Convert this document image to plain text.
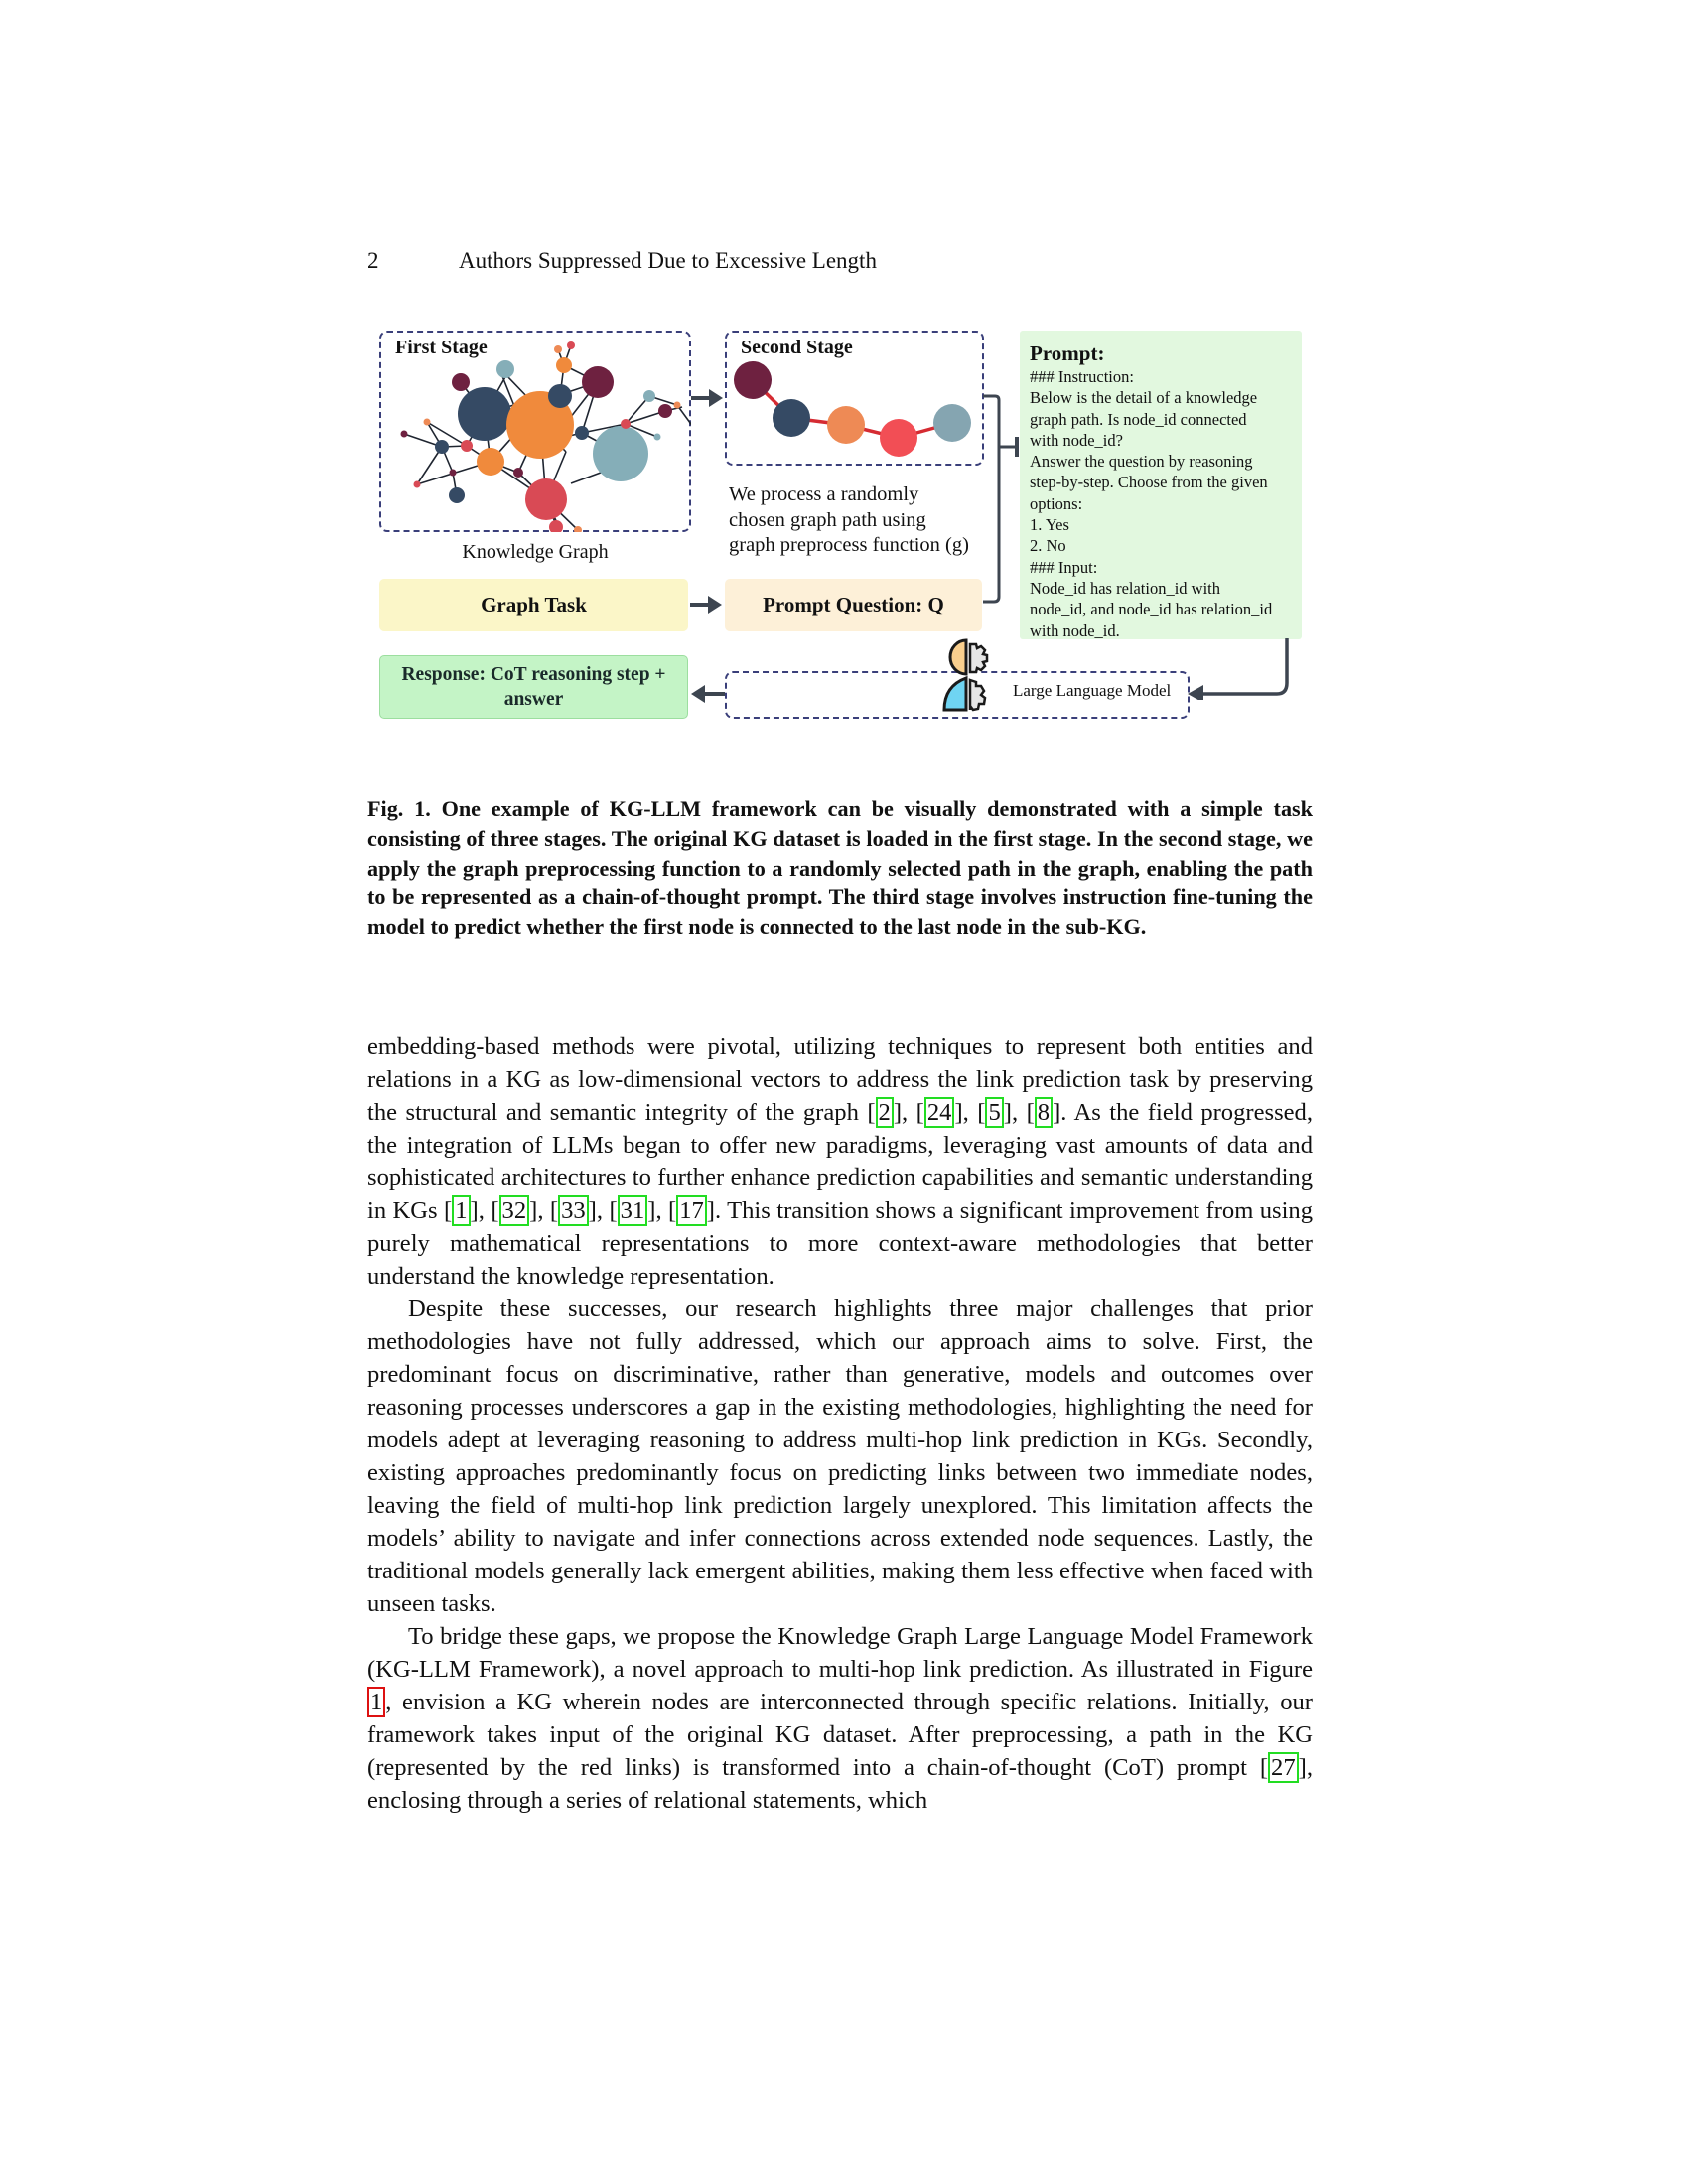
2	Authors Suppressed Due to Excessive Length
First Stage
Knowledge Graph
Second Stage
We process a randomly
chosen graph path using
graph preprocess function (g)
Prompt:
### Instruction:
Below is the detail of a knowledge
graph path. Is node_id connected
with node_id?
Answer the question by reasoning
step-by-step. Choose from the given
options:
1. Yes
2. No
### Input:
Node_id has relation_id with
node_id, and node_id has relation_id
with node_id.
Graph Task	Prompt Question: Q
Large Language Model
Response: CoT reasoning step +
answer
Fig. 1. One example of KG-LLM framework can be visually demonstrated with a simple task consisting of three stages. The original KG dataset is loaded in the first stage. In the second stage, we apply the graph preprocessing function to a randomly selected path in the graph, enabling the path to be represented as a chain-of-thought prompt. The third stage involves instruction fine-tuning the model to predict whether the first node is connected to the last node in the sub-KG.

embedding-based methods were pivotal, utilizing techniques to represent both entities and relations in a KG as low-dimensional vectors to address the link prediction task by preserving the structural and semantic integrity of the graph [ 2 ], [ 24 ], [ 5 ], [ 8 ]. As the field progressed, the integration of LLMs began to offer new paradigms, leveraging vast amounts of data and sophisticated architectures to further enhance prediction capabilities and semantic understanding in KGs [ 1 ], [ 32 ], [ 33 ], [ 31 ], [ 17 ]. This transition shows a significant improvement from using purely mathematical representations to more context-aware methodologies that better understand the knowledge representation.

Despite these successes, our research highlights three major challenges that prior methodologies have not fully addressed, which our approach aims to solve. First, the predominant focus on discriminative, rather than generative, models and outcomes over reasoning processes underscores a gap in the existing methodologies, highlighting the need for models adept at leveraging reasoning to address multi-hop link prediction in KGs. Secondly, existing approaches predominantly focus on predicting links between two immediate nodes, leaving the field of multi-hop link prediction largely unexplored. This limitation affects the models’ ability to navigate and infer connections across extended node sequences. Lastly, the traditional models generally lack emergent abilities, making them less effective when faced with unseen tasks.

To bridge these gaps, we propose the Knowledge Graph Large Language Model Framework (KG-LLM Framework), a novel approach to multi-hop link prediction. As illustrated in Figure 1 , envision a KG wherein nodes are interconnected through specific relations. Initially, our framework takes input of the original KG dataset. After preprocessing, a path in the KG (represented by the red links) is transformed into a chain-of-thought (CoT) prompt [ 27 ], enclosing through a series of relational statements, which
